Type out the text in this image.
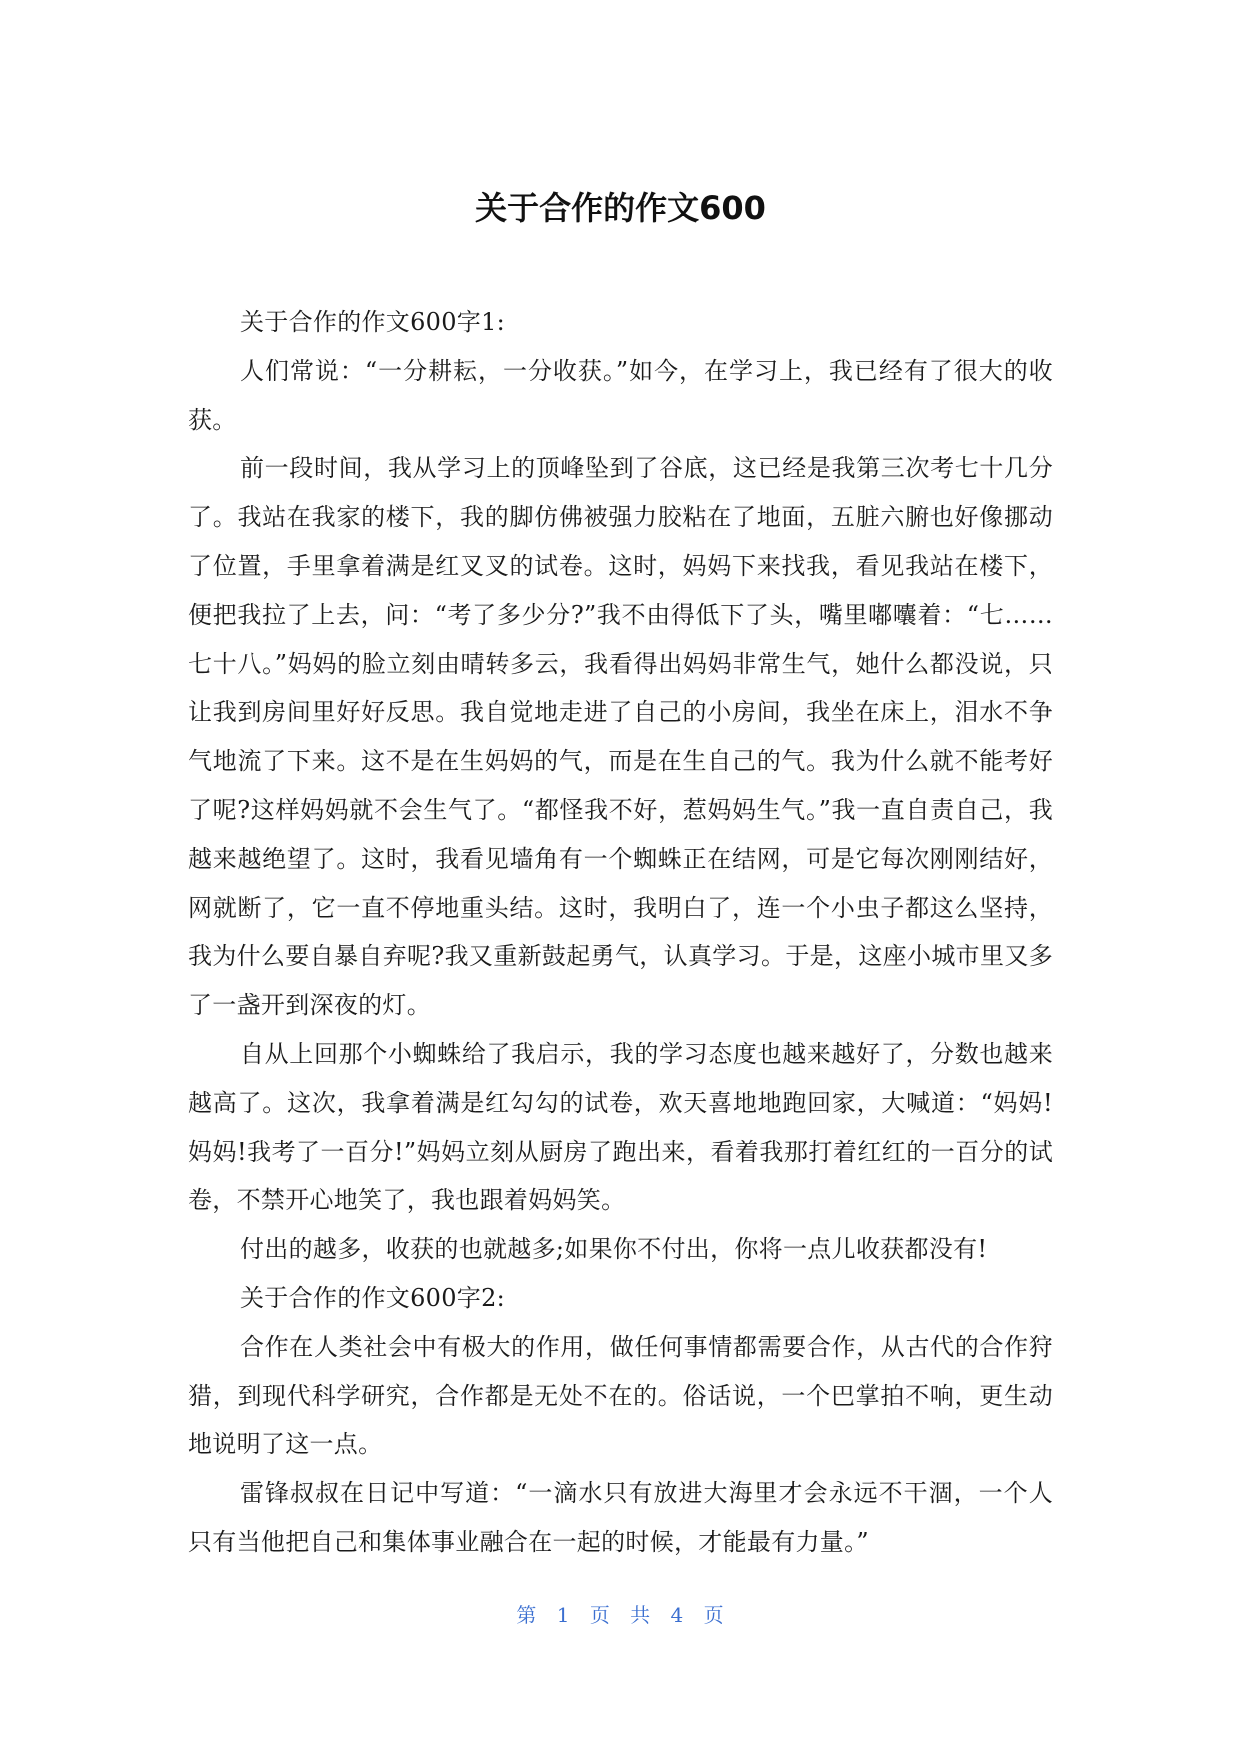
关于合作的作文600

关于合作的作文600字1:

人们常说：“一分耕耘，一分收获。”如今，在学习上，我已经有了很大的收获。

前一段时间，我从学习上的顶峰坠到了谷底，这已经是我第三次考七十几分了。我站在我家的楼下，我的脚仿佛被强力胶粘在了地面，五脏六腑也好像挪动了位置，手里拿着满是红叉叉的试卷。这时，妈妈下来找我，看见我站在楼下，便把我拉了上去，问：“考了多少分?”我不由得低下了头，嘴里嘟囔着：“七……七十八。”妈妈的脸立刻由晴转多云，我看得出妈妈非常生气，她什么都没说，只让我到房间里好好反思。我自觉地走进了自己的小房间，我坐在床上，泪水不争气地流了下来。这不是在生妈妈的气，而是在生自己的气。我为什么就不能考好了呢?这样妈妈就不会生气了。“都怪我不好，惹妈妈生气。”我一直自责自己，我越来越绝望了。这时，我看见墙角有一个蜘蛛正在结网，可是它每次刚刚结好，网就断了，它一直不停地重头结。这时，我明白了，连一个小虫子都这么坚持，我为什么要自暴自弃呢?我又重新鼓起勇气，认真学习。于是，这座小城市里又多了一盏开到深夜的灯。

自从上回那个小蜘蛛给了我启示，我的学习态度也越来越好了，分数也越来越高了。这次，我拿着满是红勾勾的试卷，欢天喜地地跑回家，大喊道：“妈妈!妈妈!我考了一百分!”妈妈立刻从厨房了跑出来，看着我那打着红红的一百分的试卷，不禁开心地笑了，我也跟着妈妈笑。

付出的越多，收获的也就越多;如果你不付出，你将一点儿收获都没有!

关于合作的作文600字2:

合作在人类社会中有极大的作用，做任何事情都需要合作，从古代的合作狩猎，到现代科学研究，合作都是无处不在的。俗话说，一个巴掌拍不响，更生动地说明了这一点。

雷锋叔叔在日记中写道：“一滴水只有放进大海里才会永远不干涸，一个人只有当他把自己和集体事业融合在一起的时候，才能最有力量。”

第 1 页 共 4 页
